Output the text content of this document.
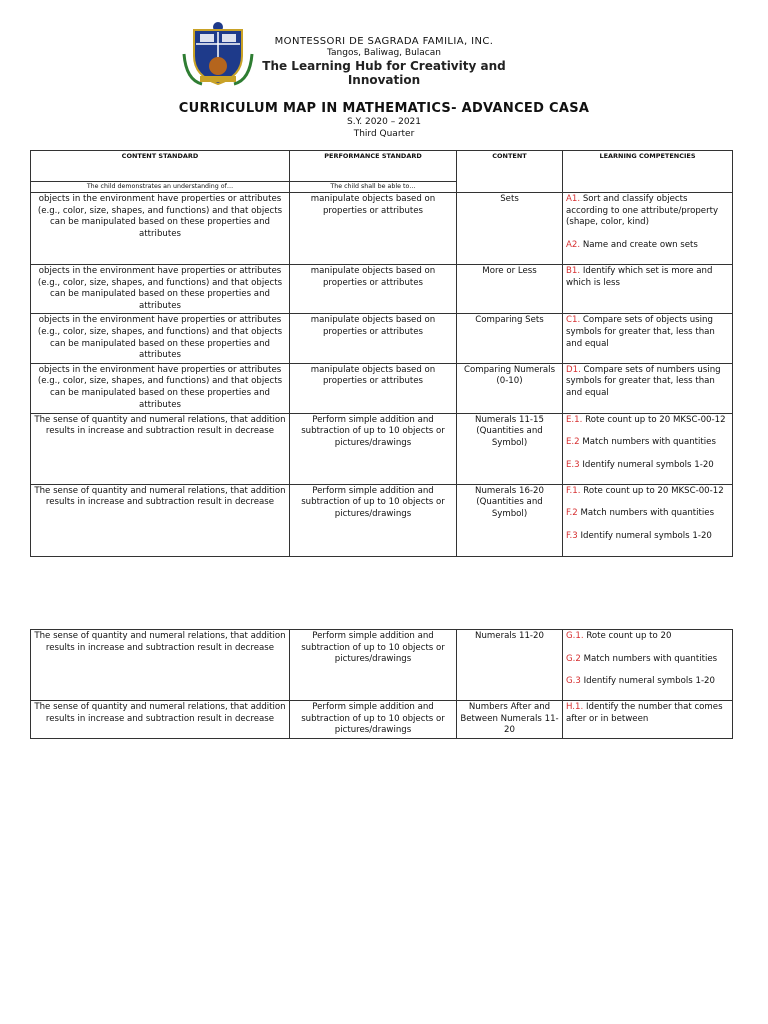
MONTESSORI DE SAGRADA FAMILIA, INC.
Tangos, Baliwag, Bulacan
The Learning Hub for Creativity and Innovation
CURRICULUM MAP IN MATHEMATICS- ADVANCED CASA
S.Y. 2020 – 2021
Third Quarter
CONTENT STANDARD	PERFORMANCE STANDARD	CONTENT	LEARNING COMPETENCIES
The child demonstrates an understanding of…	The child shall be able to…		
objects in the environment have properties or attributes (e.g., color, size, shapes, and functions) and that objects can be manipulated based on these properties and attributes	manipulate objects based on properties or attributes	Sets	A1. Sort and classify objects according to one attribute/property (shape, color, kind)
A2. Name and create own sets

objects in the environment have properties or attributes (e.g., color, size, shapes, and functions) and that objects can be manipulated based on these properties and attributes	manipulate objects based on properties or attributes	More or Less	B1. Identify which set is more and which is less

objects in the environment have properties or attributes (e.g., color, size, shapes, and functions) and that objects can be manipulated based on these properties and attributes	manipulate objects based on properties or attributes	Comparing Sets	C1. Compare sets of objects using symbols for greater that, less than and equal

objects in the environment have properties or attributes (e.g., color, size, shapes, and functions) and that objects can be manipulated based on these properties and attributes	manipulate objects based on properties or attributes	Comparing Numerals (0-10)	D1. Compare sets of numbers using symbols for greater that, less than and equal

The sense of quantity and numeral relations, that addition results in increase and subtraction result in decrease	Perform simple addition and subtraction of up to 10 objects or pictures/drawings	Numerals 11-15 (Quantities and Symbol)	E.1. Rote count up to 20 MKSC-00-12
E.2 Match numbers with quantities
E.3 Identify numeral symbols 1-20

The sense of quantity and numeral relations, that addition results in increase and subtraction result in decrease	Perform simple addition and subtraction of up to 10 objects or pictures/drawings	Numerals 16-20 (Quantities and Symbol)	F.1. Rote count up to 20 MKSC-00-12
F.2 Match numbers with quantities
F.3 Identify numeral symbols 1-20
The sense of quantity and numeral relations, that addition results in increase and subtraction result in decrease	Perform simple addition and subtraction of up to 10 objects or pictures/drawings	Numerals 11-20	G.1. Rote count up to 20
G.2 Match numbers with quantities
G.3 Identify numeral symbols 1-20

The sense of quantity and numeral relations, that addition results in increase and subtraction result in decrease	Perform simple addition and subtraction of up to 10 objects or pictures/drawings	Numbers After and Between Numerals 11-20	H.1. Identify the number that comes after or in between
